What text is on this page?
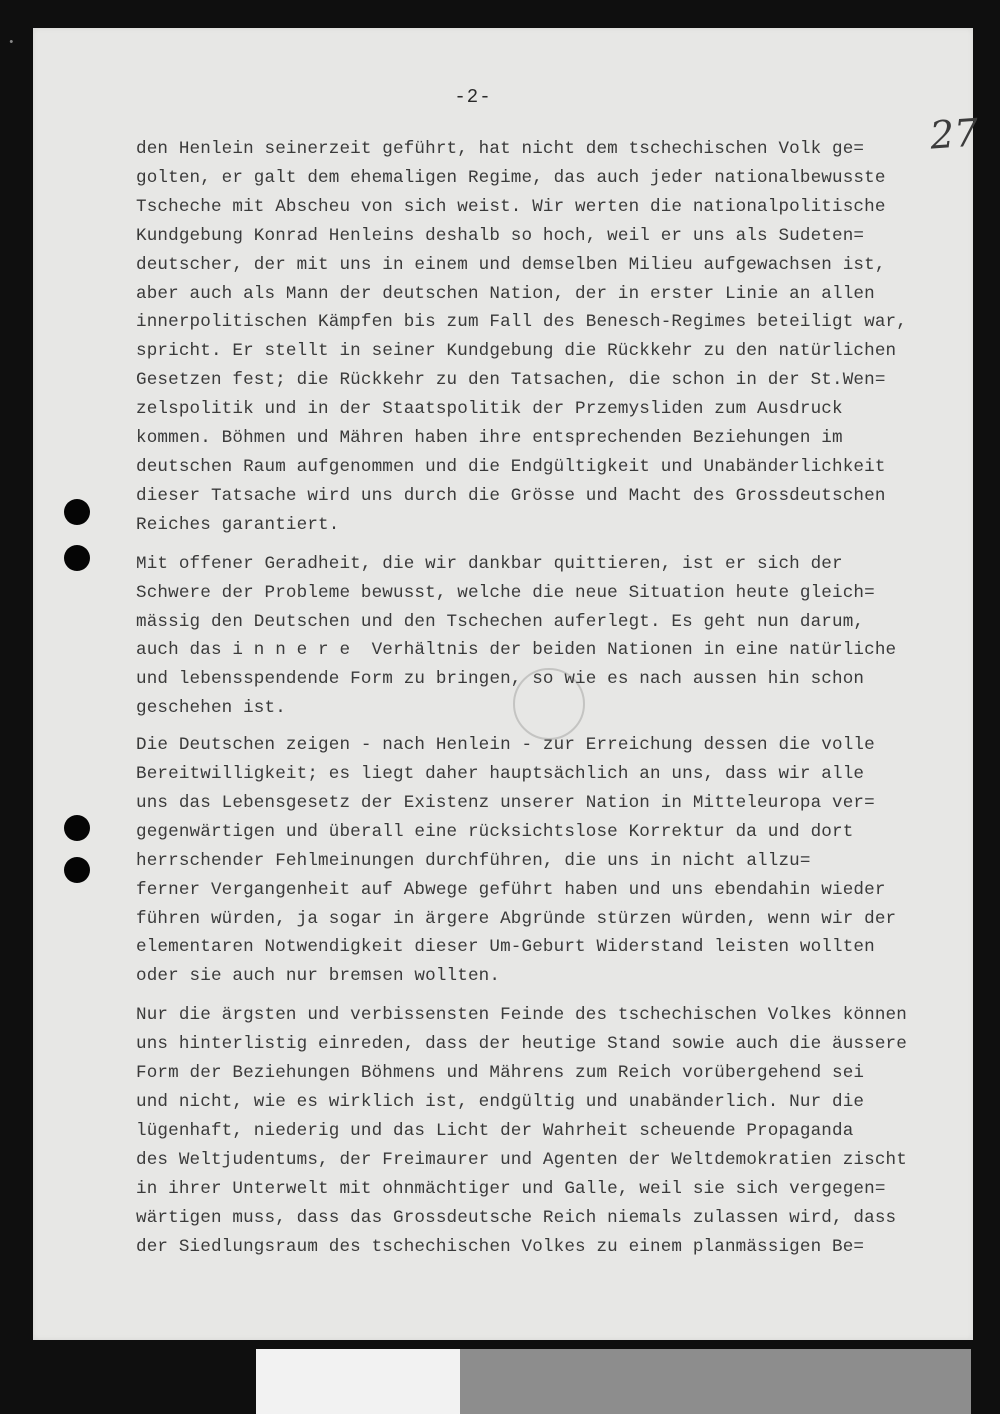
-2-
27
den Henlein seinerzeit geführt, hat nicht dem tschechischen Volk ge=
golten, er galt dem ehemaligen Regime, das auch jeder nationalbewusste
Tscheche mit Abscheu von sich weist. Wir werten die nationalpolitische
Kundgebung Konrad Henleins deshalb so hoch, weil er uns als Sudeten=
deutscher, der mit uns in einem und demselben Milieu aufgewachsen ist,
aber auch als Mann der deutschen Nation, der in erster Linie an allen
innerpolitischen Kämpfen bis zum Fall des Benesch-Regimes beteiligt war,
spricht. Er stellt in seiner Kundgebung die Rückkehr zu den natürlichen
Gesetzen fest; die Rückkehr zu den Tatsachen, die schon in der St.Wen=
zelspolitik und in der Staatspolitik der Przemysliden zum Ausdruck
kommen. Böhmen und Mähren haben ihre entsprechenden Beziehungen im
deutschen Raum aufgenommen und die Endgültigkeit und Unabänderlichkeit
dieser Tatsache wird uns durch die Grösse und Macht des Grossdeutschen
Reiches garantiert.
Mit offener Geradheit, die wir dankbar quittieren, ist er sich der
Schwere der Probleme bewusst, welche die neue Situation heute gleich=
mässig den Deutschen und den Tschechen auferlegt. Es geht nun darum,
auch das i n n e r e  Verhältnis der beiden Nationen in eine natürliche
und lebensspendende Form zu bringen, so wie es nach aussen hin schon
geschehen ist.
Die Deutschen zeigen - nach Henlein - zur Erreichung dessen die volle
Bereitwilligkeit; es liegt daher hauptsächlich an uns, dass wir alle
uns das Lebensgesetz der Existenz unserer Nation in Mitteleuropa ver=
gegenwärtigen und überall eine rücksichtslose Korrektur da und dort
herrschender Fehlmeinungen durchführen, die uns in nicht allzu=
ferner Vergangenheit auf Abwege geführt haben und uns ebendahin wieder
führen würden, ja sogar in ärgere Abgründe stürzen würden, wenn wir der
elementaren Notwendigkeit dieser Um-Geburt Widerstand leisten wollten
oder sie auch nur bremsen wollten.
Nur die ärgsten und verbissensten Feinde des tschechischen Volkes können
uns hinterlistig einreden, dass der heutige Stand sowie auch die äussere
Form der Beziehungen Böhmens und Mährens zum Reich vorübergehend sei
und nicht, wie es wirklich ist, endgültig und unabänderlich. Nur die
lügenhaft, niederig und das Licht der Wahrheit scheuende Propaganda
des Weltjudentums, der Freimaurer und Agenten der Weltdemokratien zischt
in ihrer Unterwelt mit ohnmächtiger und Galle, weil sie sich vergegen=
wärtigen muss, dass das Grossdeutsche Reich niemals zulassen wird, dass
der Siedlungsraum des tschechischen Volkes zu einem planmässigen Be=
•
